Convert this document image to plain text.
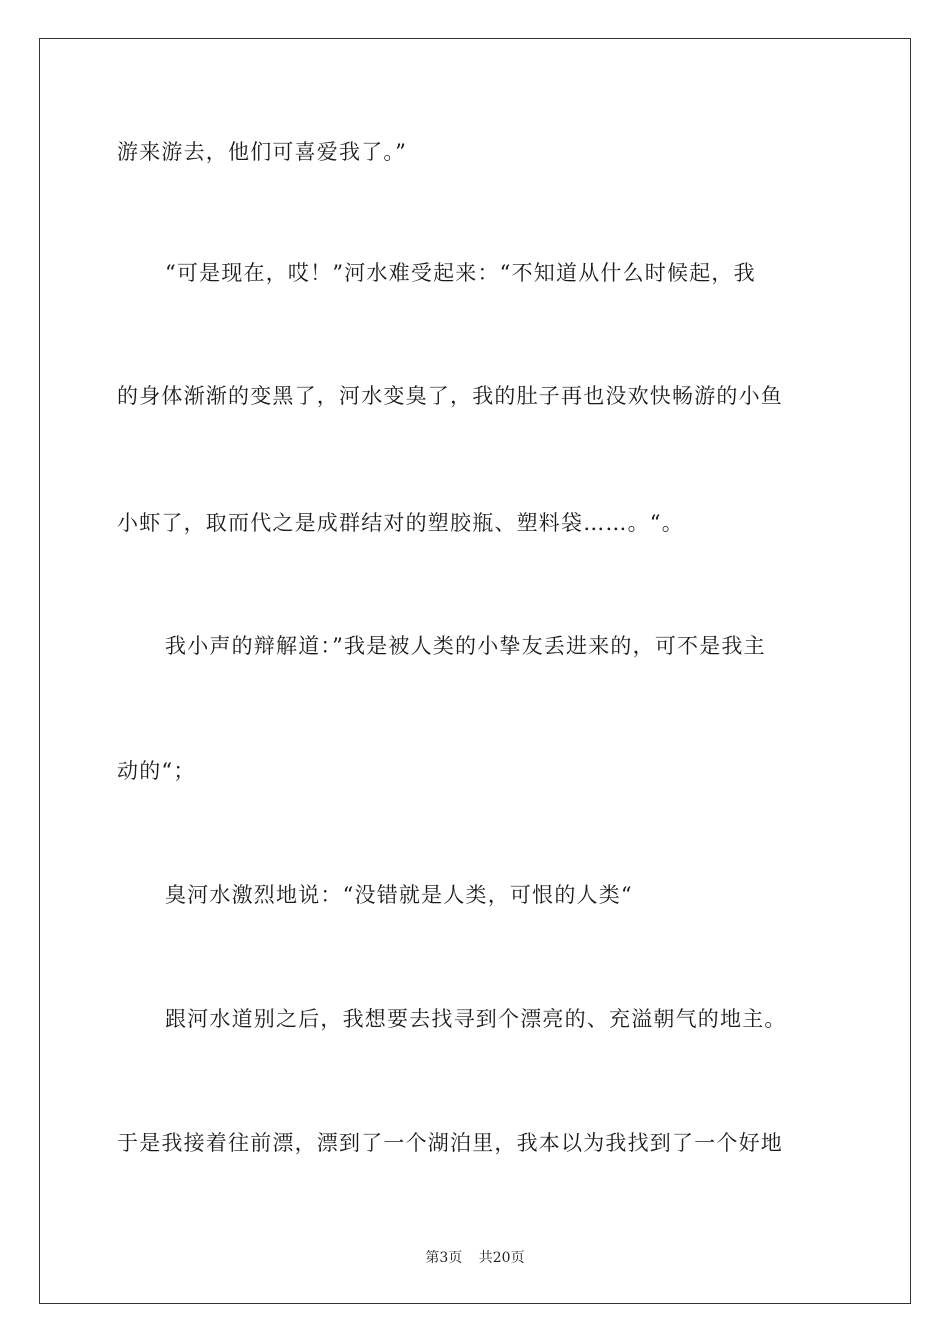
游来游去，他们可喜爱我了。”
“可是现在，哎！”河水难受起来：“不知道从什么时候起，我
的身体渐渐的变黑了，河水变臭了，我的肚子再也没欢快畅游的小鱼
小虾了，取而代之是成群结对的塑胶瓶、塑料袋……。“。
我小声的辩解道：”我是被人类的小挚友丢进来的，可不是我主
动的“；
臭河水激烈地说：“没错就是人类，可恨的人类“
跟河水道别之后，我想要去找寻到个漂亮的、充溢朝气的地主。
于是我接着往前漂，漂到了一个湖泊里，我本以为我找到了一个好地
第3页 共20页
